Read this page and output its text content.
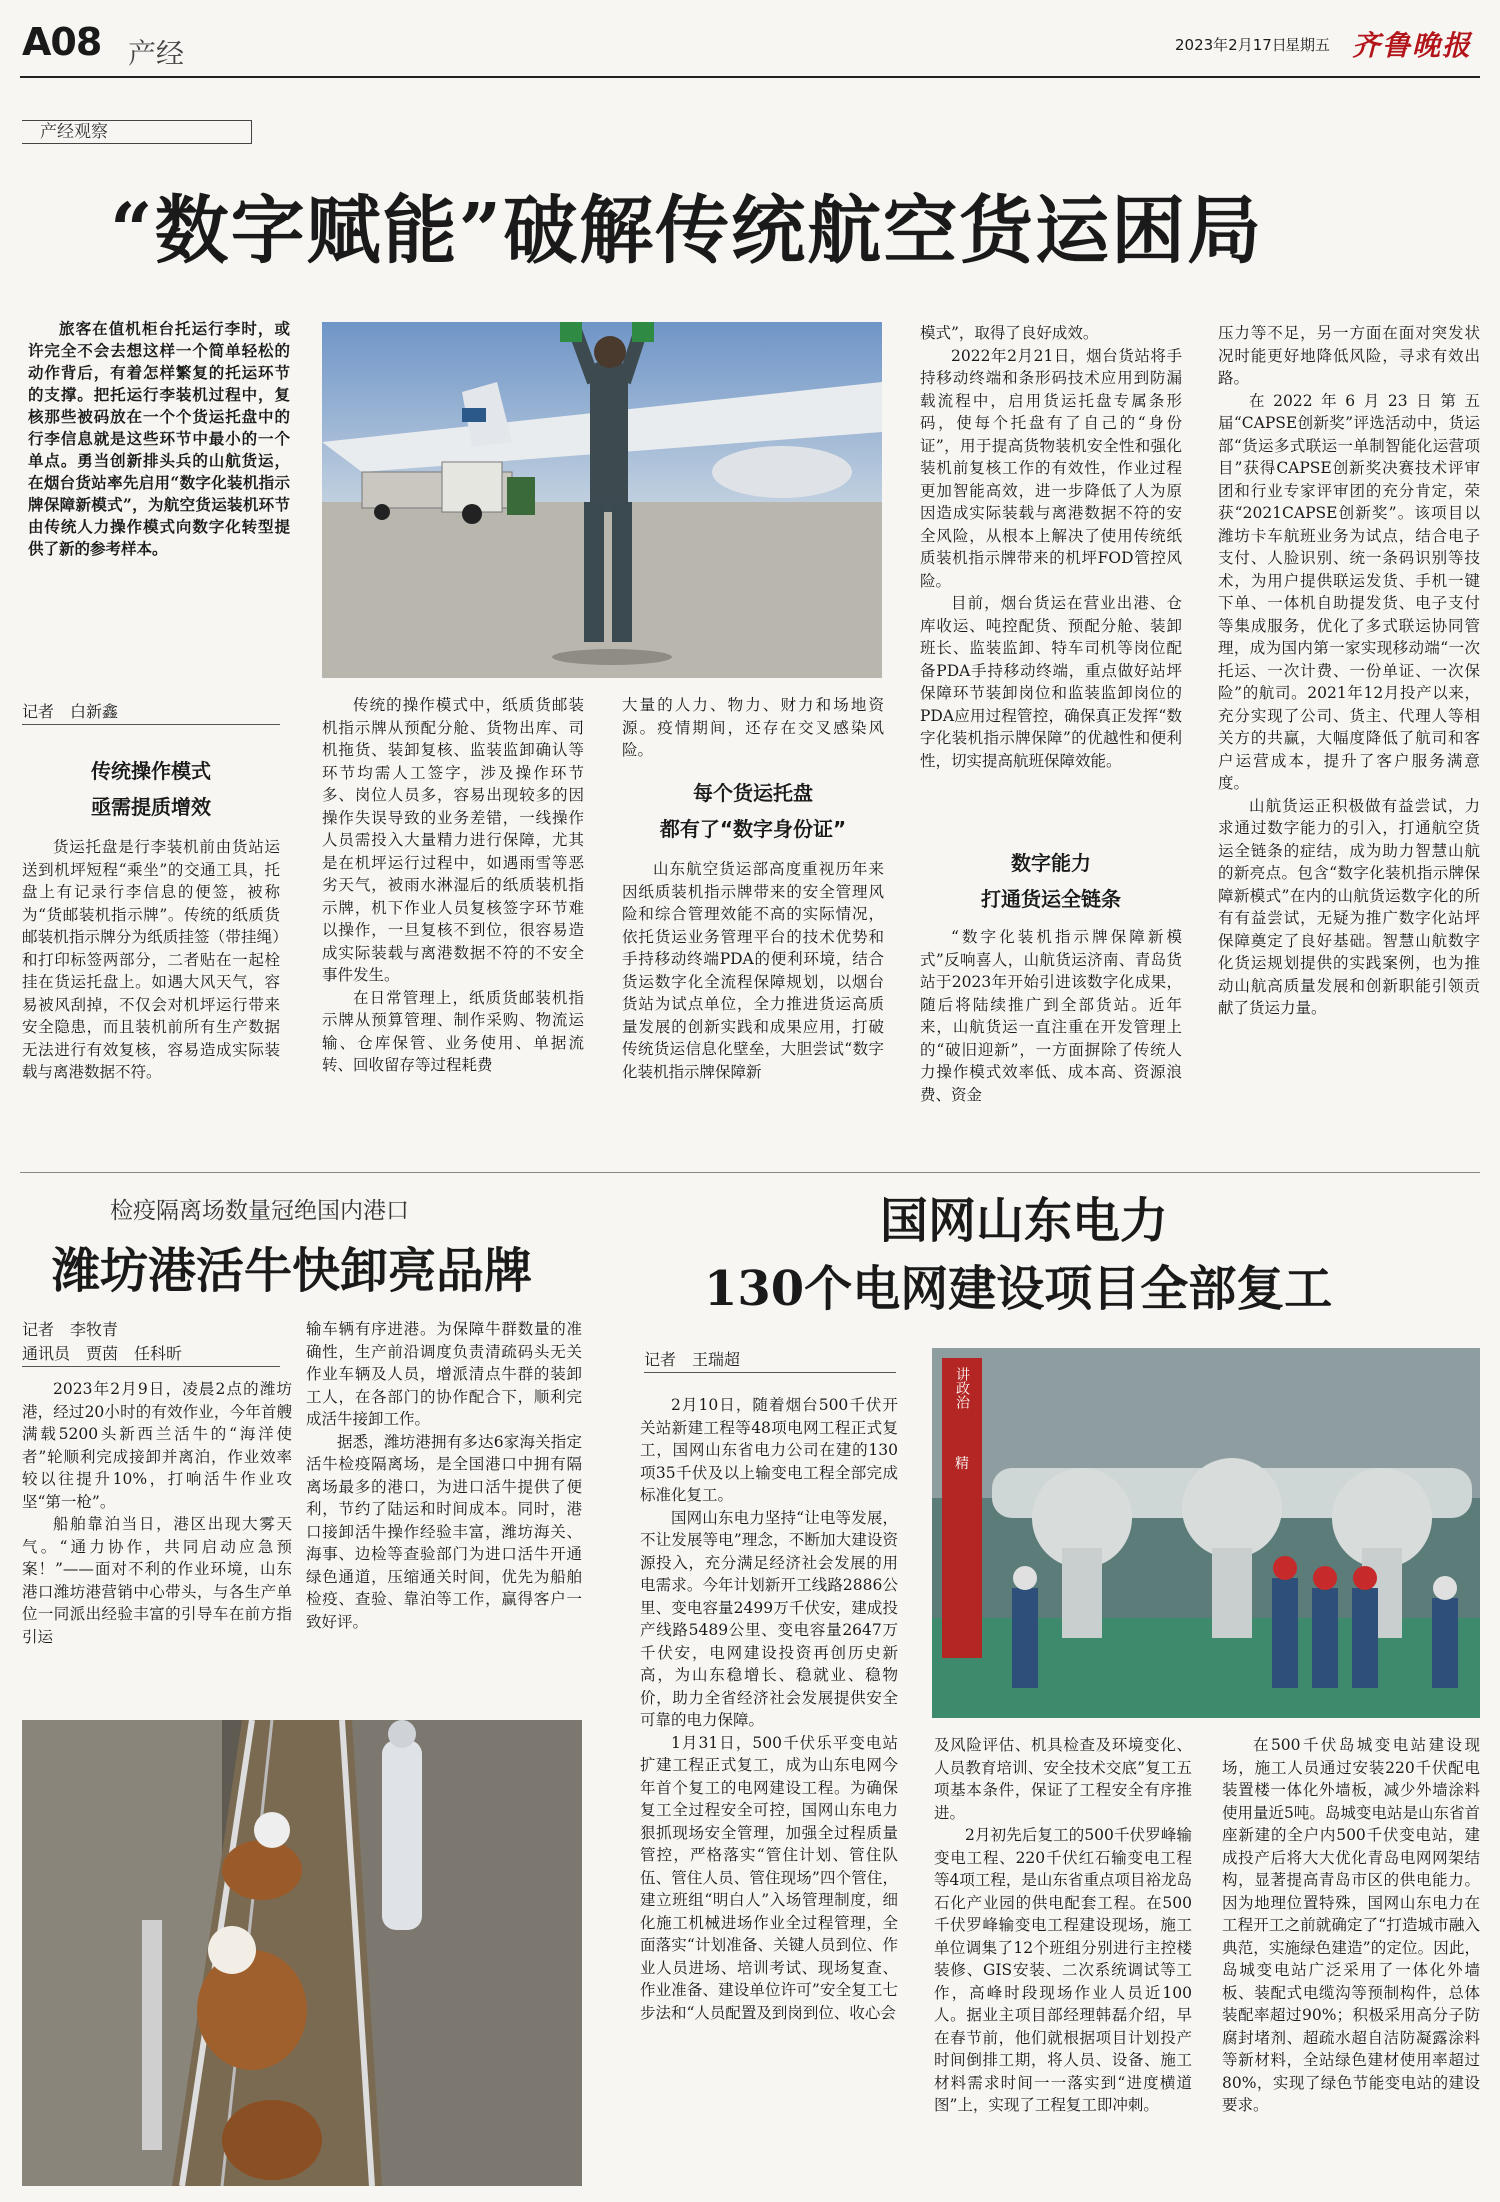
A08 产经	2023年2月17日
星期五 齐鲁晚报
产经观察
“数字赋能”破解传统航空货运困局

旅客在值机柜台托运行李时，或许完全不会去想这样一个简单轻松的动作背后，有着怎样繁复的托运环节的支撑。把托运行李装机过程中，复核那些被码放在一个个货运托盘中的行李信息就是这些环节中最小的一个单点。勇当创新排头兵的山航货运，在烟台货站率先启用“数字化装机指示牌保障新模式”，为航空货运装机环节由传统人力操作模式向数字化转型提供了新的参考样本。

记者　白新鑫
传统操作模式
亟需提质增效

货运托盘是行李装机前由货站运送到机坪短程“乘坐”的交通工具，托盘上有记录行李信息的便签，被称为“货邮装机指示牌”。传统的纸质货邮装机指示牌分为纸质挂签（带挂绳）和打印标签两部分，二者贴在一起栓挂在货运托盘上。如遇大风天气，容易被风刮掉，不仅会对机坪运行带来安全隐患，而且装机前所有生产数据无法进行有效复核，容易造成实际装载与离港数据不符。

传统的操作模式中，纸质货邮装机指示牌从预配分舱、货物出库、司机拖货、装卸复核、监装监卸确认等环节均需人工签字，涉及操作环节多、岗位人员多，容易出现较多的因操作失误导致的业务差错，一线操作人员需投入大量精力进行保障，尤其是在机坪运行过程中，如遇雨雪等恶劣天气，被雨水淋湿后的纸质装机指示牌，机下作业人员复核签字环节难以操作，一旦复核不到位，很容易造成实际装载与离港数据不符的不安全事件发生。

在日常管理上，纸质货邮装机指示牌从预算管理、制作采购、物流运输、仓库保管、业务使用、单据流转、回收留存等过程耗费

大量的人力、物力、财力和场地资源。疫情期间，还存在交叉感染风险。

每个货运托盘
都有了“数字身份证”

山东航空货运部高度重视历年来因纸质装机指示牌带来的安全管理风险和综合管理效能不高的实际情况，依托货运业务管理平台的技术优势和手持移动终端PDA的便利环境，结合货运数字化全流程保障规划，以烟台货站为试点单位，全力推进货运高质量发展的创新实践和成果应用，打破传统货运信息化壁垒，大胆尝试“数字化装机指示牌保障新

模式”，取得了良好成效。

2022年2月21日，烟台货站将手持移动终端和条形码技术应用到防漏载流程中，启用货运托盘专属条形码，使每个托盘有了自己的“身份证”，用于提高货物装机安全性和强化装机前复核工作的有效性，作业过程更加智能高效，进一步降低了人为原因造成实际装载与离港数据不符的安全风险，从根本上解决了使用传统纸质装机指示牌带来的机坪FOD管控风险。

目前，烟台货运在营业出港、仓库收运、吨控配货、预配分舱、装卸班长、监装监卸、特车司机等岗位配备PDA手持移动终端，重点做好站坪保障环节装卸岗位和监装监卸岗位的PDA应用过程管控，确保真正发挥“数字化装机指示牌保障”的优越性和便利性，切实提高航班保障效能。

数字能力
打通货运全链条

“数字化装机指示牌保障新模式”反响喜人，山航货运济南、青岛货站于2023年开始引进该数字化成果，随后将陆续推广到全部货站。近年来，山航货运一直注重在开发管理上的“破旧迎新”，一方面摒除了传统人力操作模式效率低、成本高、资源浪费、资金

压力等不足，另一方面在面对突发状况时能更好地降低风险，寻求有效出路。

在2022年6月23日第五届“CAPSE创新奖”评选活动中，货运部“货运多式联运一单制智能化运营项目”获得CAPSE创新奖决赛技术评审团和行业专家评审团的充分肯定，荣获“2021CAPSE创新奖”。该项目以潍坊卡车航班业务为试点，结合电子支付、人脸识别、统一条码识别等技术，为用户提供联运发货、手机一键下单、一体机自助提发货、电子支付等集成服务，优化了多式联运协同管理，成为国内第一家实现移动端“一次托运、一次计费、一份单证、一次保险”的航司。2021年12月投产以来，充分实现了公司、货主、代理人等相关方的共赢，大幅度降低了航司和客户运营成本，提升了客户服务满意度。

山航货运正积极做有益尝试，力求通过数字能力的引入，打通航空货运全链条的症结，成为助力智慧山航的新亮点。包含“数字化装机指示牌保障新模式”在内的山航货运数字化的所有有益尝试，无疑为推广数字化站坪保障奠定了良好基础。智慧山航数字化货运规划提供的实践案例，也为推动山航高质量发展和创新职能引领贡献了货运力量。

检疫隔离场数量冠绝国内港口
潍坊港活牛快卸亮品牌
记者　李牧青
通讯员　贾茵　任科昕

2023年2月9日，凌晨2点的潍坊港，经过20小时的有效作业，今年首艘满载5200头新西兰活牛的“海洋使者”轮顺利完成接卸并离泊，作业效率较以往提升10%，打响活牛作业攻坚“第一枪”。

船舶靠泊当日，港区出现大雾天气。“通力协作，共同启动应急预案！”——面对不利的作业环境，山东港口潍坊港营销中心带头，与各生产单位一同派出经验丰富的引导车在前方指引运

输车辆有序进港。为保障牛群数量的准确性，生产前沿调度负责清疏码头无关作业车辆及人员，增派清点牛群的装卸工人，在各部门的协作配合下，顺利完成活牛接卸工作。

据悉，潍坊港拥有多达6家海关指定活牛检疫隔离场，是全国港口中拥有隔离场最多的港口，为进口活牛提供了便利，节约了陆运和时间成本。同时，港口接卸活牛操作经验丰富，潍坊海关、海事、边检等查验部门为进口活牛开通绿色通道，压缩通关时间，优先为船舶检疫、查验、靠泊等工作，赢得客户一致好评。

国网山东电力
130个电网建设项目全部复工
记者　王瑞超

2月10日，随着烟台500千伏开关站新建工程等48项电网工程正式复工，国网山东省电力公司在建的130项35千伏及以上输变电工程全部完成标准化复工。

国网山东电力坚持“让电等发展，不让发展等电”理念，不断加大建设资源投入，充分满足经济社会发展的用电需求。今年计划新开工线路2886公里、变电容量2499万千伏安，建成投产线路5489公里、变电容量2647万千伏安，电网建设投资再创历史新高，为山东稳增长、稳就业、稳物价，助力全省经济社会发展提供安全可靠的电力保障。

1月31日，500千伏乐平变电站扩建工程正式复工，成为山东电网今年首个复工的电网建设工程。为确保复工全过程安全可控，国网山东电力狠抓现场安全管理，加强全过程质量管控，严格落实“管住计划、管住队伍、管住人员、管住现场”四个管住，建立班组“明白人”入场管理制度，细化施工机械进场作业全过程管理，全面落实“计划准备、关键人员到位、作业人员进场、培训考试、现场复查、作业准备、建设单位许可”安全复工七步法和“人员配置及到岗到位、收心会

讲政治
精

及风险评估、机具检查及环境变化、人员教育培训、安全技术交底”复工五项基本条件，保证了工程安全有序推进。

2月初先后复工的500千伏罗峰输变电工程、220千伏红石输变电工程等4项工程，是山东省重点项目裕龙岛石化产业园的供电配套工程。在500千伏罗峰输变电工程建设现场，施工单位调集了12个班组分别进行主控楼装修、GIS安装、二次系统调试等工作，高峰时段现场作业人员近100人。据业主项目部经理韩磊介绍，早在春节前，他们就根据项目计划投产时间倒排工期，将人员、设备、施工材料需求时间一一落实到“进度横道图”上，实现了工程复工即冲刺。

在500千伏岛城变电站建设现场，施工人员通过安装220千伏配电装置楼一体化外墙板，减少外墙涂料使用量近5吨。岛城变电站是山东省首座新建的全户内500千伏变电站，建成投产后将大大优化青岛电网网架结构，显著提高青岛市区的供电能力。因为地理位置特殊，国网山东电力在工程开工之前就确定了“打造城市融入典范，实施绿色建造”的定位。因此，岛城变电站广泛采用了一体化外墙板、装配式电缆沟等预制构件，总体装配率超过90%；积极采用高分子防腐封堵剂、超疏水超自洁防凝露涂料等新材料，全站绿色建材使用率超过80%，实现了绿色节能变电站的建设要求。
